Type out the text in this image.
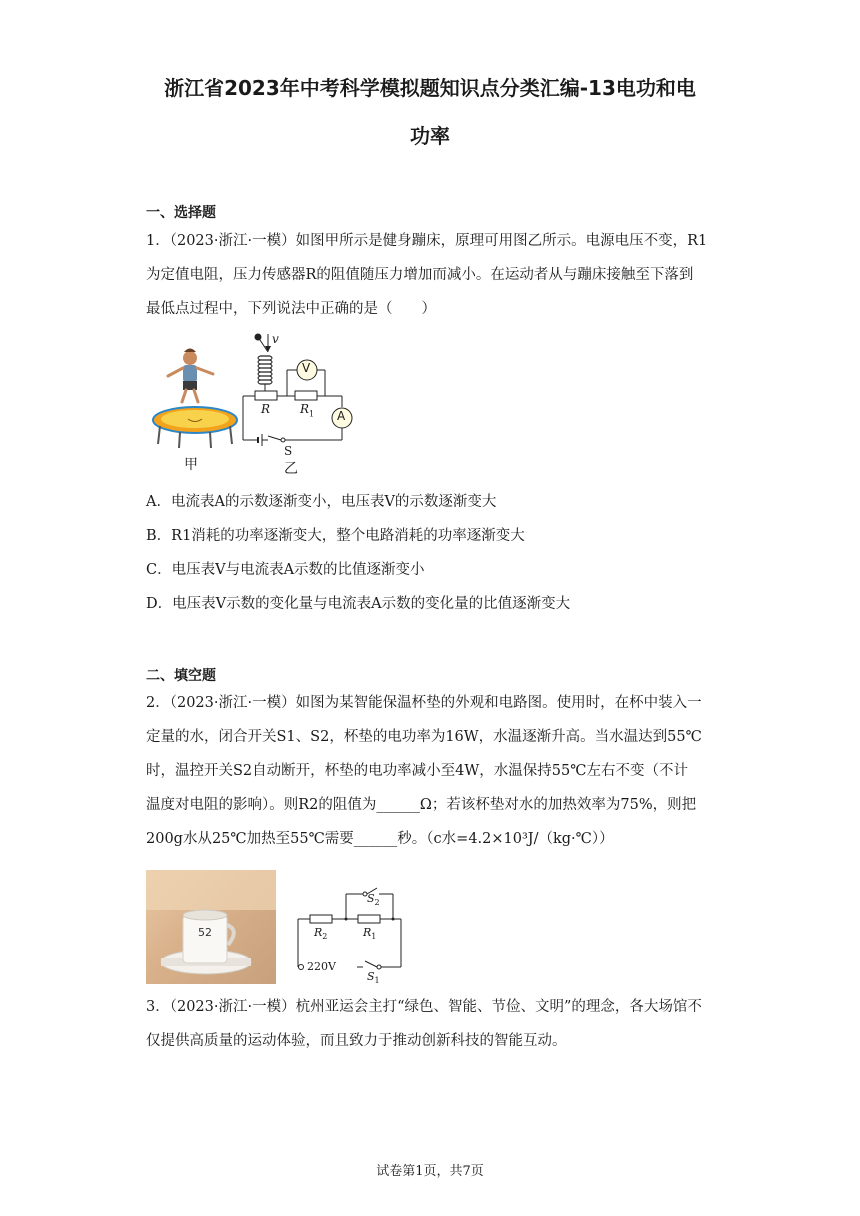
浙江省2023年中考科学模拟题知识点分类汇编-13电功和电
功率
一、选择题
1．（2023·浙江·一模）如图甲所示是健身蹦床，原理可用图乙所示。电源电压不变，R1
为定值电阻，压力传感器R的阻值随压力增加而减小。在运动者从与蹦床接触至下落到
最低点过程中，下列说法中正确的是（　　）
甲
v
V
A
R $R_1$
S
乙
A．电流表A的示数逐渐变小，电压表V的示数逐渐变大
B．R1消耗的功率逐渐变大，整个电路消耗的功率逐渐变大
C．电压表V与电流表A示数的比值逐渐变小
D．电压表V示数的变化量与电流表A示数的变化量的比值逐渐变大
二、填空题
2．（2023·浙江·一模）如图为某智能保温杯垫的外观和电路图。使用时，在杯中装入一
定量的水，闭合开关S1、S2，杯垫的电功率为16W，水温逐渐升高。当水温达到55℃
时，温控开关S2自动断开，杯垫的电功率减小至4W，水温保持55℃左右不变（不计
温度对电阻的影响）。则R2的阻值为______Ω；若该杯垫对水的加热效率为75%，则把
200g水从25℃加热至55℃需要______秒。（c水=4.2×10³J/（kg·℃））
52
$S_2$
$R_2$	$R_1$
220V
$S_1$
3．（2023·浙江·一模）杭州亚运会主打“绿色、智能、节俭、文明”的理念，各大场馆不
仅提供高质量的运动体验，而且致力于推动创新科技的智能互动。
试卷第1页，共7页
